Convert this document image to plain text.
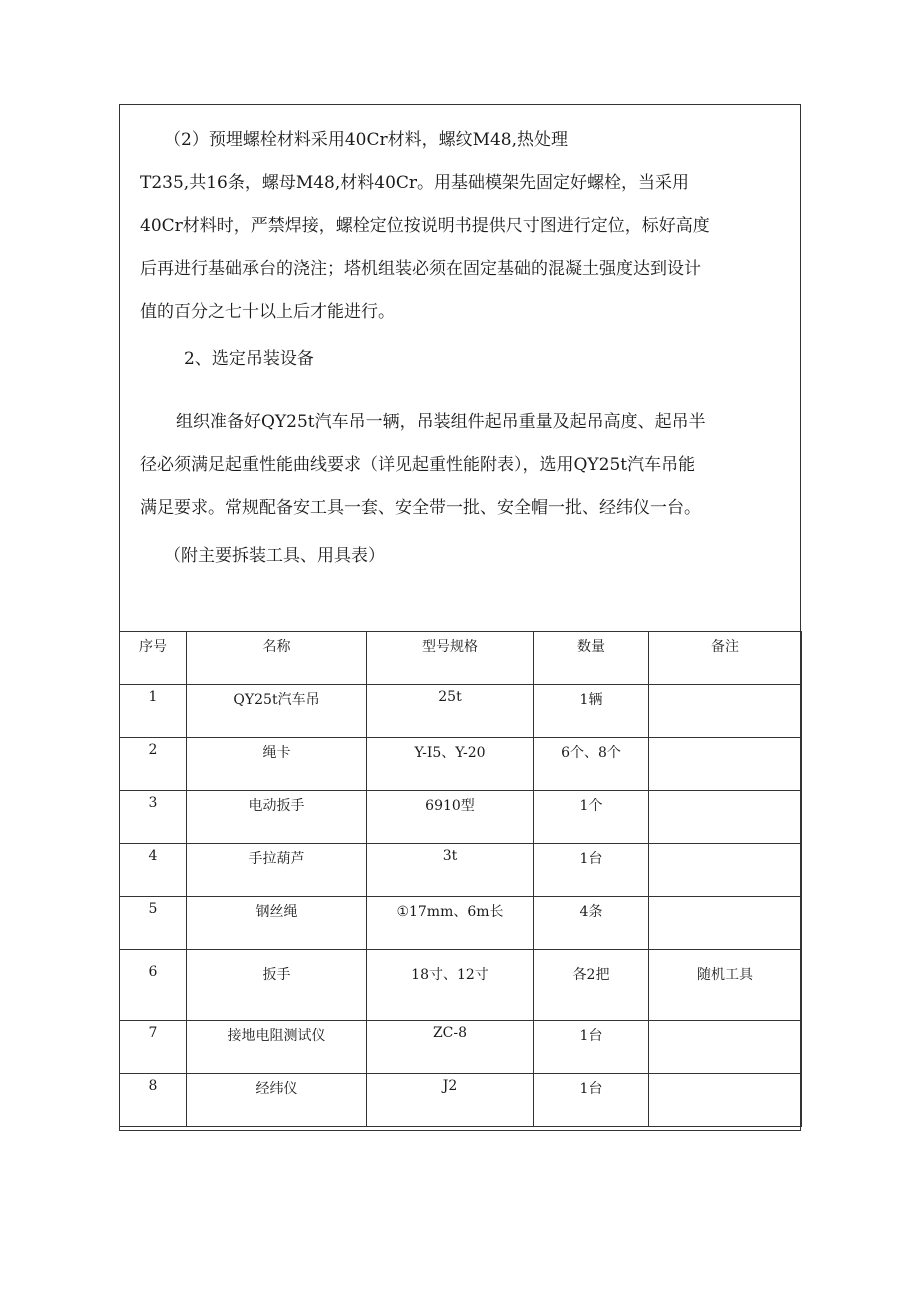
（2）预埋螺栓材料采用40Cr材料，螺纹M48,热处理
T235,共16条，螺母M48,材料40Cr。用基础模架先固定好螺栓，当采用
40Cr材料时，严禁焊接，螺栓定位按说明书提供尺寸图进行定位，标好高度
后再进行基础承台的浇注；塔机组装必须在固定基础的混凝土强度达到设计
值的百分之七十以上后才能进行。

2、选定吊装设备

组织准备好QY25t汽车吊一辆，吊装组件起吊重量及起吊高度、起吊半
径必须满足起重性能曲线要求（详见起重性能附表），选用QY25t汽车吊能
满足要求。常规配备安工具一套、安全带一批、安全帽一批、经纬仪一台。

（附主要拆装工具、用具表）
序号	名称	型号规格	数量	备注
1	QY25t汽车吊	25t	1辆	
2	绳卡	Y-I5、Y-20	6个、8个	
3	电动扳手	6910型	1个	
4	手拉葫芦	3t	1台	
5	钢丝绳	①17mm、6m长	4条	
6	扳手	18寸、12寸	各2把	随机工具
7	接地电阻测试仪	ZC-8	1台	
8	经纬仪	J2	1台	
